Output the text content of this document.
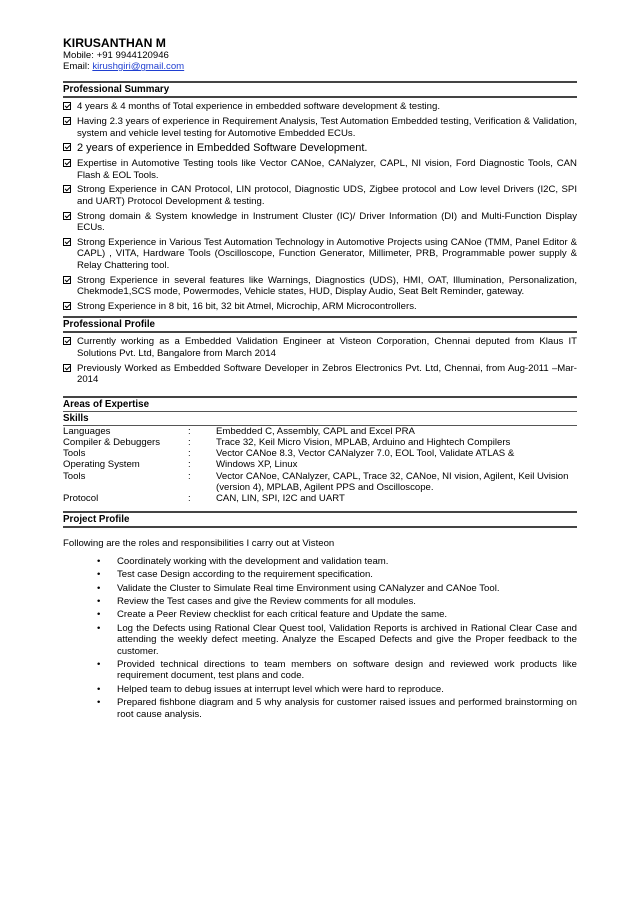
KIRUSANTHAN M
Mobile: +91 9944120946
Email: kirushgiri@gmail.com
Professional Summary
4 years & 4 months of Total experience in embedded software development & testing.
Having 2.3 years of experience in Requirement Analysis, Test Automation Embedded testing, Verification & Validation, system and vehicle level testing for Automotive Embedded ECUs.
2 years of experience in Embedded Software Development.
Expertise in Automotive Testing tools like Vector CANoe, CANalyzer, CAPL, NI vision, Ford Diagnostic Tools, CAN Flash & EOL Tools.
Strong Experience in CAN Protocol, LIN protocol, Diagnostic UDS, Zigbee protocol and Low level Drivers (I2C, SPI and UART) Protocol Development & testing.
Strong domain & System knowledge in Instrument Cluster (IC)/ Driver Information (DI) and Multi-Function Display ECUs.
Strong Experience in Various Test Automation Technology in Automotive Projects using CANoe (TMM, Panel Editor & CAPL) , VITA, Hardware Tools (Oscilloscope, Function Generator, Millimeter, PRB, Programmable power supply & Relay Chattering tool.
Strong Experience in several features like Warnings, Diagnostics (UDS), HMI, OAT, Illumination, Personalization, Chekmode1,SCS mode, Powermodes, Vehicle states, HUD, Display Audio, Seat Belt Reminder, gateway.
Strong Experience in 8 bit, 16 bit, 32 bit Atmel, Microchip, ARM Microcontrollers.
Professional Profile
Currently working as a Embedded Validation Engineer at Visteon Corporation, Chennai deputed from Klaus IT Solutions Pvt. Ltd, Bangalore from March 2014
Previously Worked as Embedded Software Developer in Zebros Electronics Pvt. Ltd, Chennai, from Aug-2011 –Mar-2014
Areas of Expertise
Skills
Languages	:	Embedded C, Assembly, CAPL and Excel PRA
Compiler & Debuggers	:	Trace 32, Keil Micro Vision, MPLAB, Arduino and Hightech Compilers
Tools	:	Vector CANoe 8.3, Vector CANalyzer 7.0, EOL Tool, Validate ATLAS &
Operating System	:	Windows XP, Linux
Tools	:	Vector CANoe, CANalyzer, CAPL, Trace 32, CANoe, NI vision, Agilent, Keil Uvision (version 4), MPLAB, Agilent PPS and Oscilloscope.
Protocol	:	CAN, LIN, SPI, I2C and UART
Project Profile
Following are the roles and responsibilities I carry out at Visteon
•	Coordinately working with the development and validation team.
•	Test case Design according to the requirement specification.
•	Validate the Cluster to Simulate Real time Environment using CANalyzer and CANoe Tool.
•	Review the Test cases and give the Review comments for all modules.
•	Create a Peer Review checklist for each critical feature and Update the same.
•	Log the Defects using Rational Clear Quest tool, Validation Reports is archived in Rational Clear Case and attending the weekly defect meeting. Analyze the Escaped Defects and give the Proper feedback to the customer.
•	Provided technical directions to team members on software design and reviewed work products like requirement document, test plans and code.
•	Helped team to debug issues at interrupt level which were hard to reproduce.
•	Prepared fishbone diagram and 5 why analysis for customer raised issues and performed brainstorming on root cause analysis.
